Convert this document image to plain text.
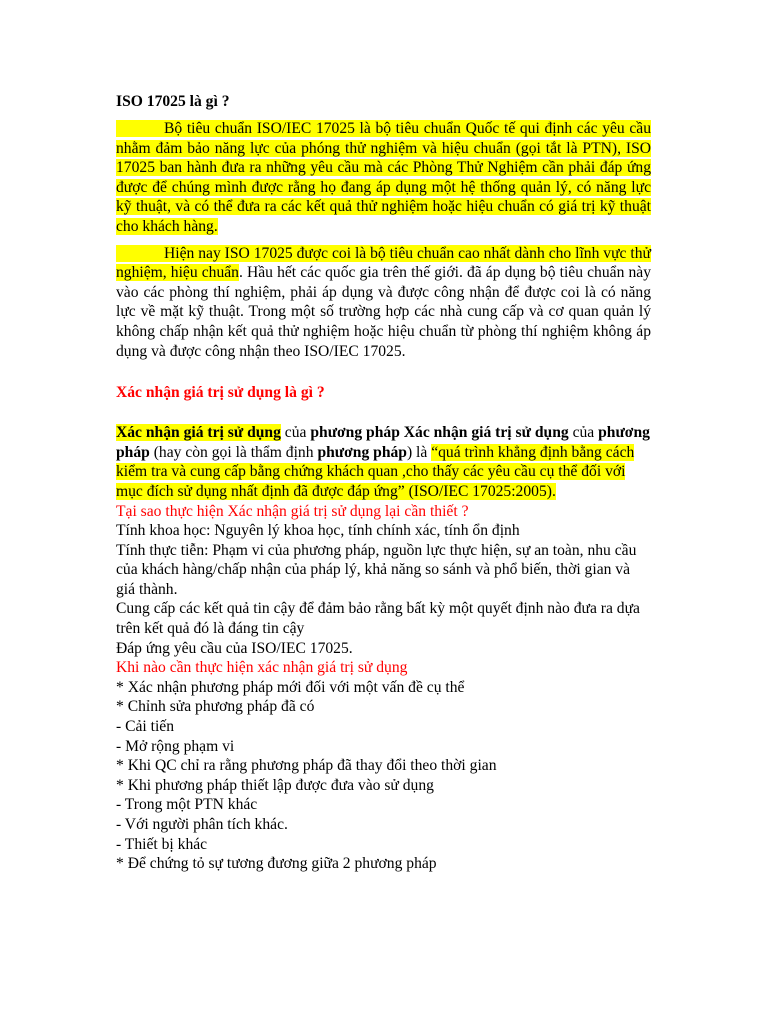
ISO 17025 là gì ?

Bộ tiêu chuẩn ISO/IEC 17025 là bộ tiêu chuẩn Quốc tế qui định các yêu cầu nhằm đảm bảo năng lực của phóng thử nghiệm và hiệu chuẩn (gọi tắt là PTN), ISO 17025 ban hành đưa ra những yêu cầu mà các Phòng Thử Nghiệm cần phải đáp ứng được để chúng mình được rằng họ đang áp dụng một hệ thống quản lý, có năng lực kỹ thuật, và có thể đưa ra các kết quả thử nghiệm hoặc hiệu chuẩn có giá trị kỹ thuật cho khách hàng.

Hiện nay ISO 17025 được coi là bộ tiêu chuẩn cao nhất dành cho lĩnh vực thử nghiệm, hiệu chuẩn. Hầu hết các quốc gia trên thế giới. đã áp dụng bộ tiêu chuẩn này vào các phòng thí nghiệm, phải áp dụng và được công nhận để được coi là có năng lực về mặt kỹ thuật. Trong một số trường hợp các nhà cung cấp và cơ quan quản lý không chấp nhận kết quả thử nghiệm hoặc hiệu chuẩn từ phòng thí nghiệm không áp dụng và được công nhận theo ISO/IEC 17025.

Xác nhận giá trị sử dụng là gì ?

Xác nhận giá trị sử dụng của phương pháp Xác nhận giá trị sử dụng của phương pháp (hay còn gọi là thẩm định phương pháp) là “quá trình khẳng định bằng cách kiểm tra và cung cấp bằng chứng khách quan ,cho thấy các yêu cầu cụ thể đối với mục đích sử dụng nhất định đã được đáp ứng” (ISO/IEC 17025:2005).

Tại sao thực hiện Xác nhận giá trị sử dụng lại cần thiết ?

Tính khoa học: Nguyên lý khoa học, tính chính xác, tính ổn định

Tính thực tiễn: Phạm vi của phương pháp, nguồn lực thực hiện, sự an toàn, nhu cầu của khách hàng/chấp nhận của pháp lý, khả năng so sánh và phổ biến, thời gian và giá thành.

Cung cấp các kết quả tin cậy để đảm bảo rằng bất kỳ một quyết định nào đưa ra dựa trên kết quả đó là đáng tin cậy

Đáp ứng yêu cầu của ISO/IEC 17025.

Khi nào cần thực hiện xác nhận giá trị sử dụng

* Xác nhận phương pháp mới đối với một vấn đề cụ thể

* Chỉnh sửa phương pháp đã có

- Cải tiến

- Mở rộng phạm vi

* Khi QC chỉ ra rằng phương pháp đã thay đổi theo thời gian

* Khi phương pháp thiết lập được đưa vào sử dụng

- Trong một PTN khác

- Với người phân tích khác.

- Thiết bị khác

* Để chứng tỏ sự tương đương giữa 2 phương pháp
